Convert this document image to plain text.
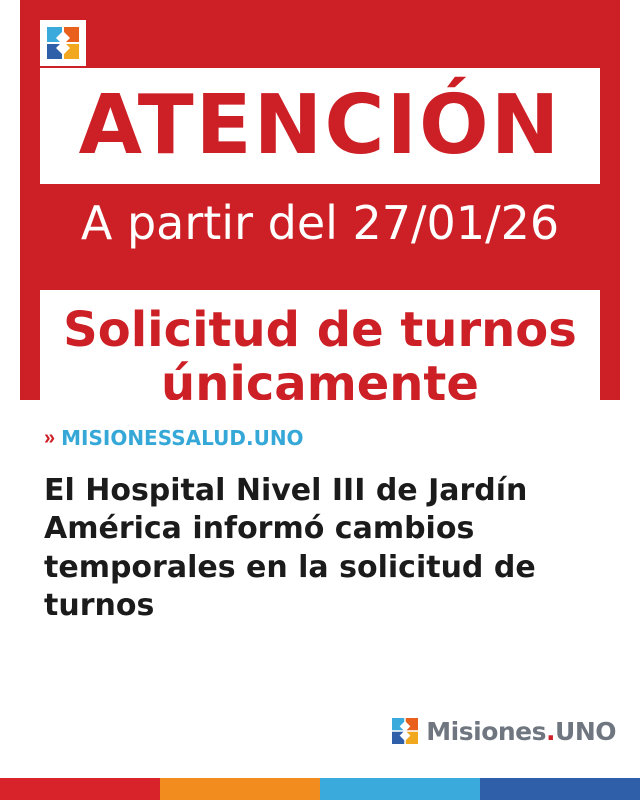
ATENCIÓN
A partir del 27/01/26
Solicitud de turnos
únicamente
» MISIONESSALUD.UNO
El Hospital Nivel III de Jardín América informó cambios temporales en la solicitud de turnos
Misiones.UNO
